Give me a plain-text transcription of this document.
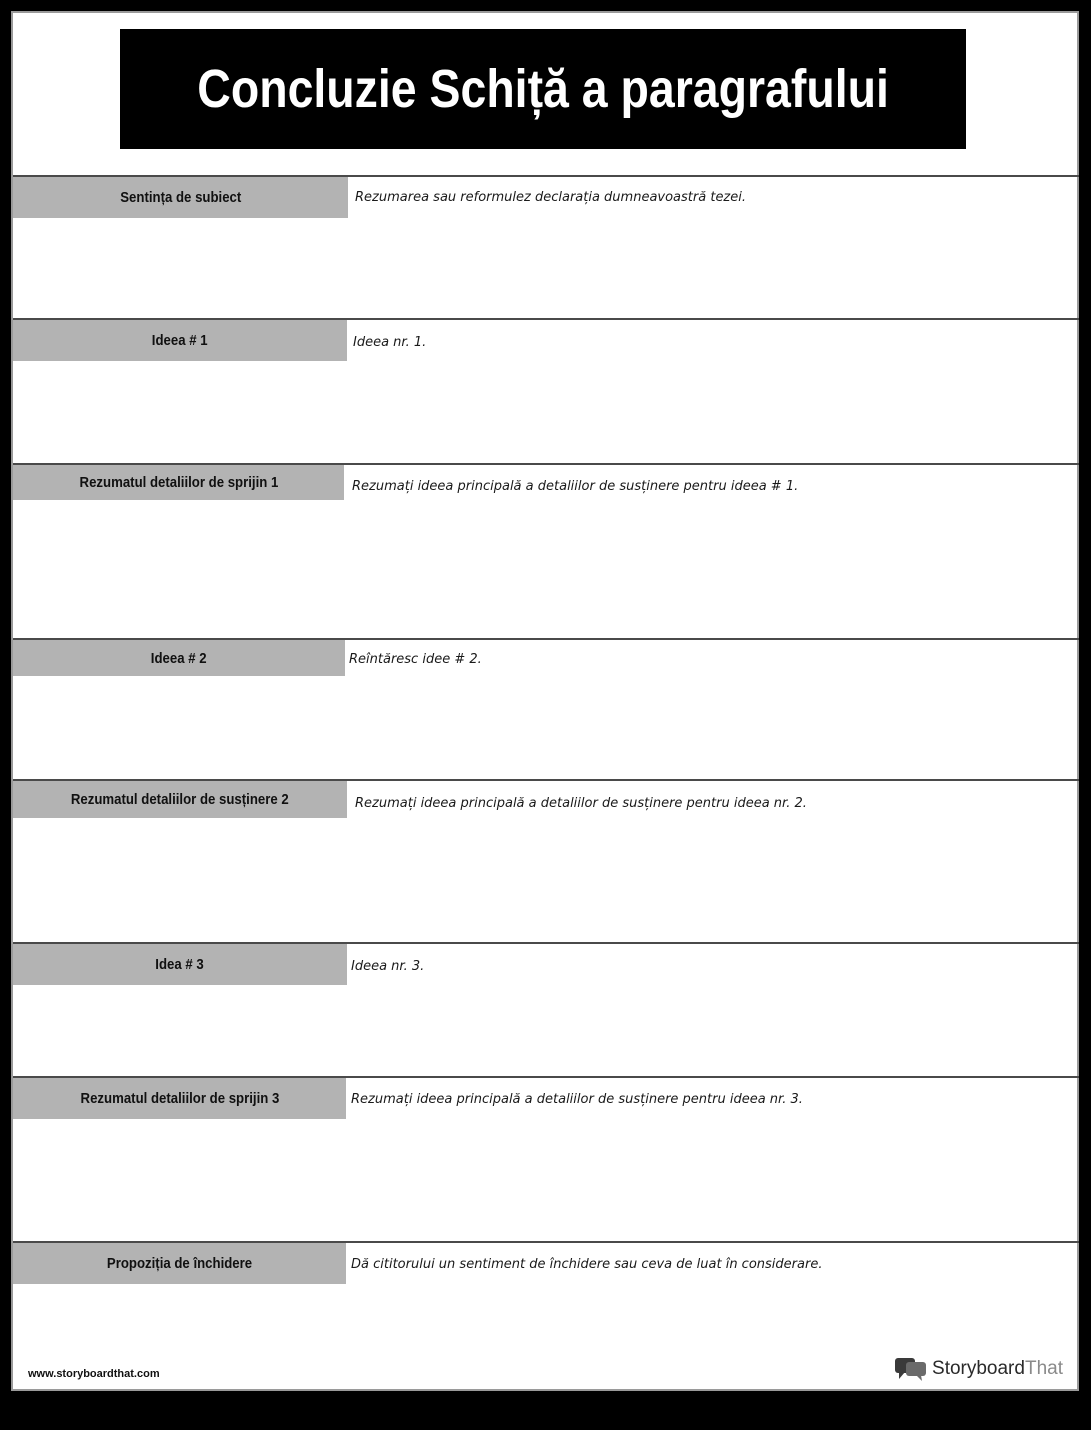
Concluzie Schiță a paragrafului
Sentința de subiect	Rezumarea sau reformulez declarația dumneavoastră tezei.
Ideea # 1	Ideea nr. 1.
Rezumatul detaliilor de sprijin 1	Rezumați ideea principală a detaliilor de susținere pentru ideea # 1.
Ideea # 2	Reîntăresc idee # 2.
Rezumatul detaliilor de susținere 2	Rezumați ideea principală a detaliilor de susținere pentru ideea nr. 2.
Idea # 3	Ideea nr. 3.
Rezumatul detaliilor de sprijin 3	Rezumați ideea principală a detaliilor de susținere pentru ideea nr. 3.
Propoziția de închidere	Dă cititorului un sentiment de închidere sau ceva de luat în considerare.
www.storyboardthat.com	StoryboardThat
